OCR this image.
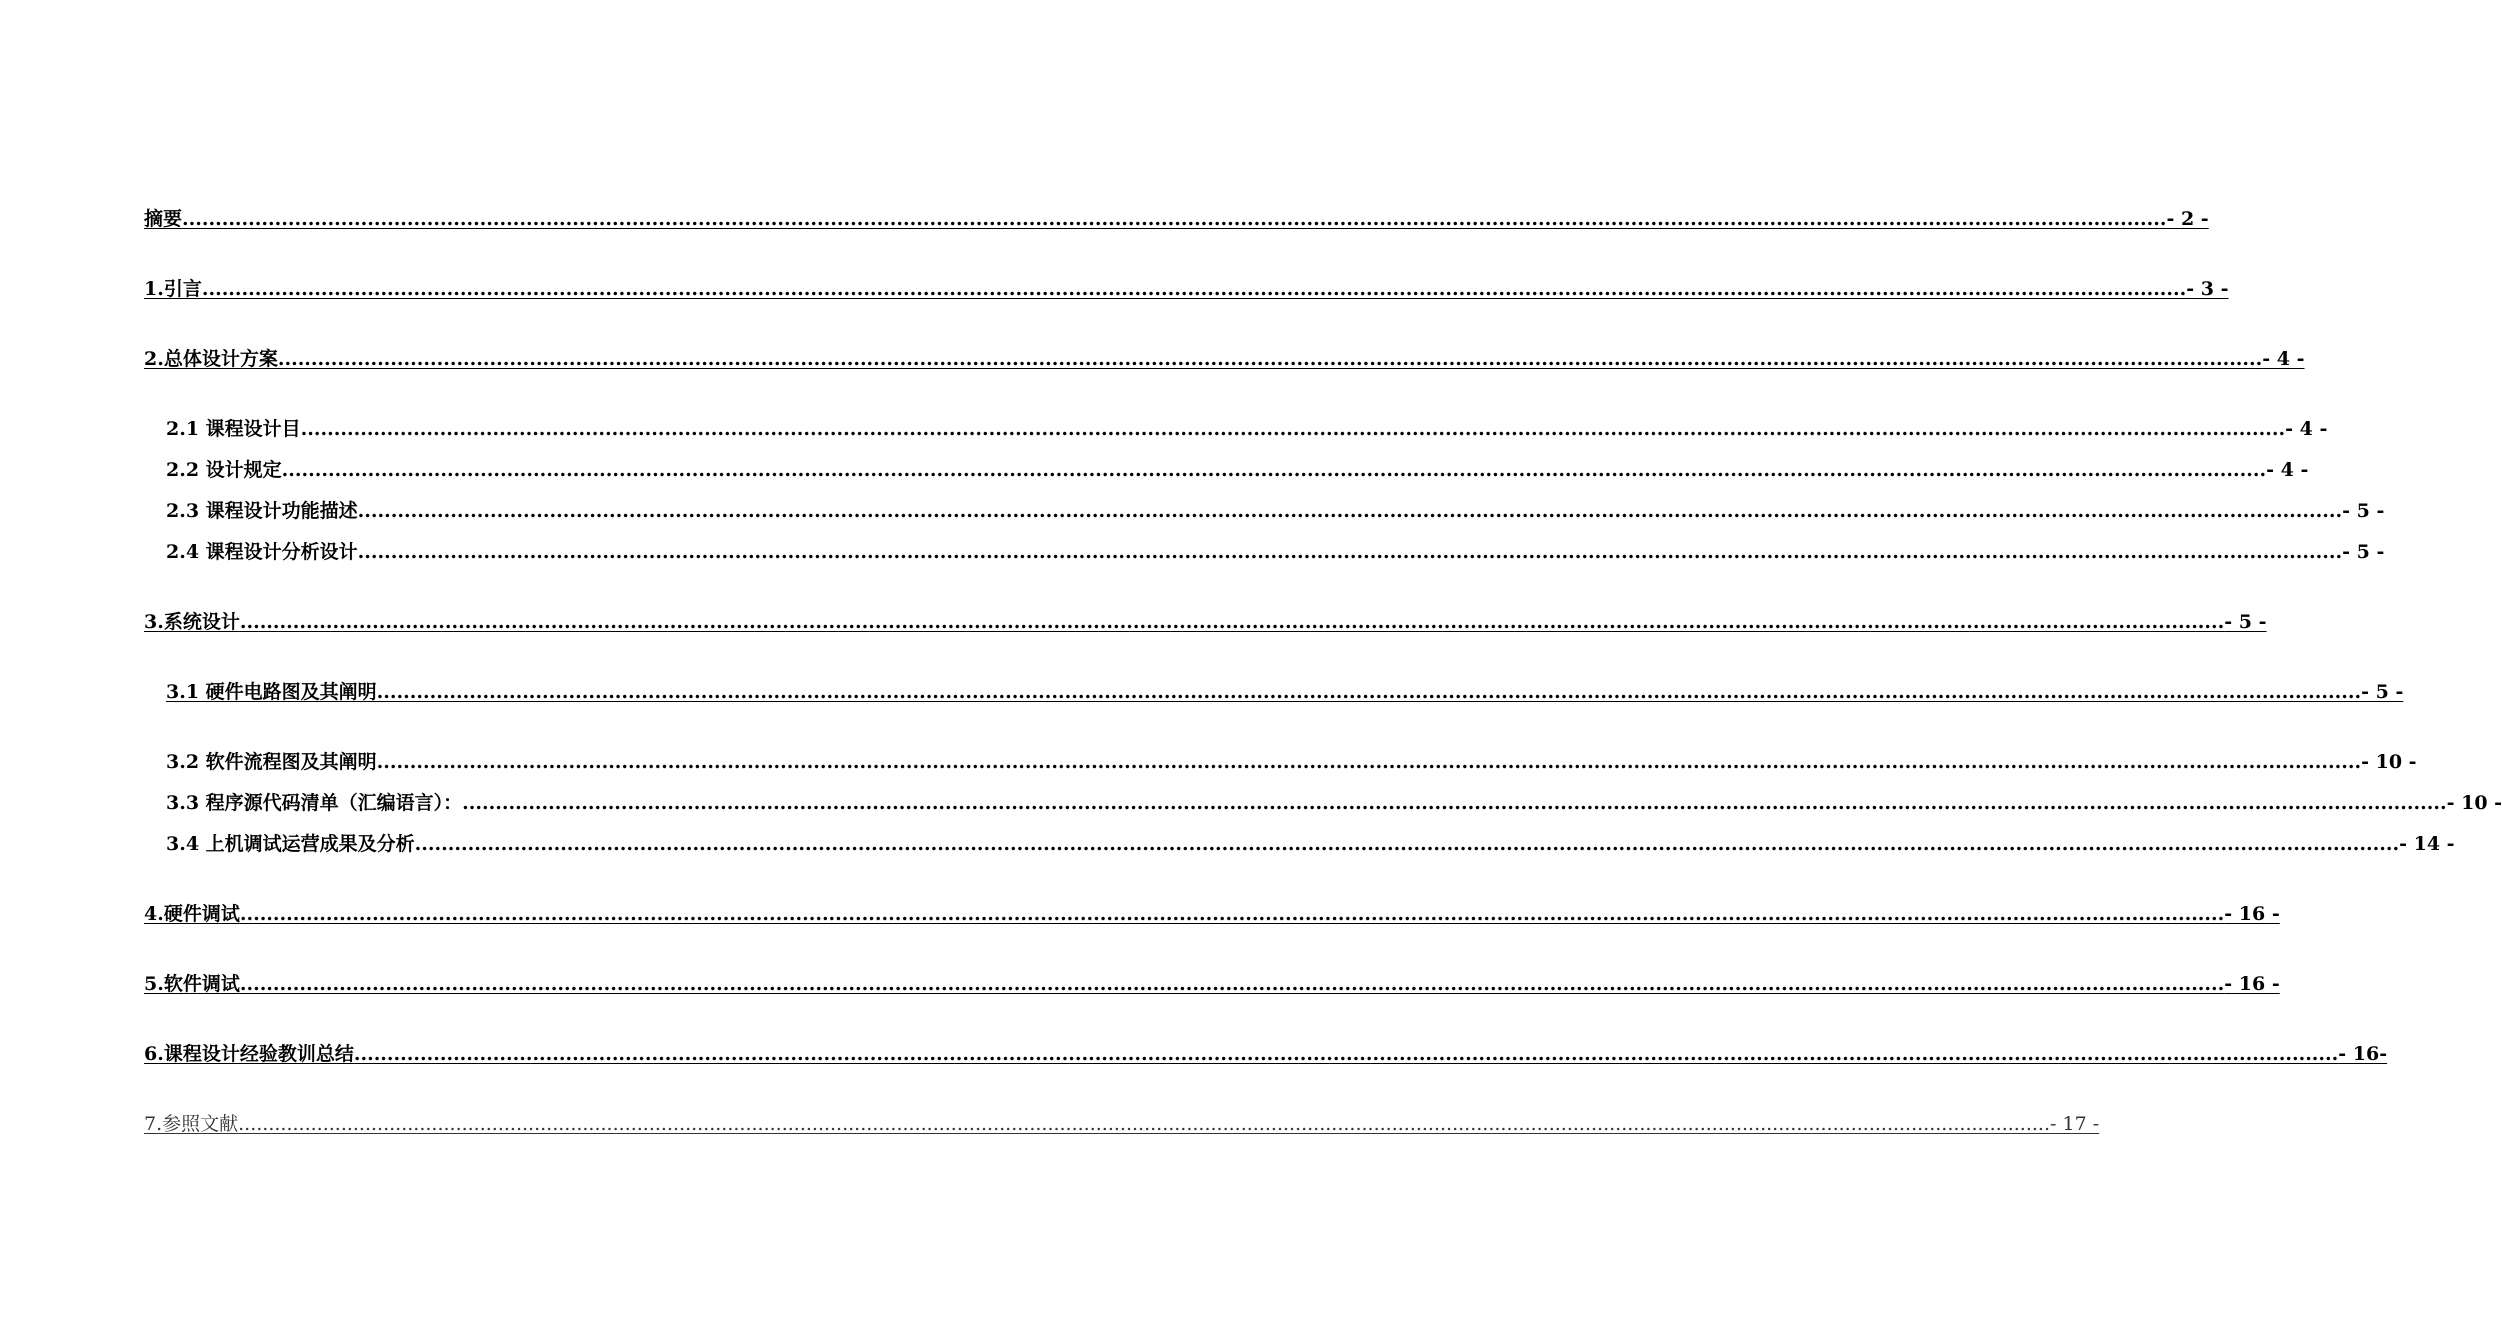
摘要 ............................................................................................................................................................................................................................................................................................................ - 2 -
1.引言 ............................................................................................................................................................................................................................................................................................................ - 3 -
2.总体设计方案 ............................................................................................................................................................................................................................................................................................................ - 4 -
2.1 课程设计目 ............................................................................................................................................................................................................................................................................................................ - 4 -
2.2 设计规定 ............................................................................................................................................................................................................................................................................................................ - 4 -
2.3 课程设计功能描述 ............................................................................................................................................................................................................................................................................................................ - 5 -
2.4 课程设计分析设计 ............................................................................................................................................................................................................................................................................................................ - 5 -
3.系统设计 ............................................................................................................................................................................................................................................................................................................ - 5 -
3.1 硬件电路图及其阐明 ............................................................................................................................................................................................................................................................................................................ - 5 -
3.2 软件流程图及其阐明 ............................................................................................................................................................................................................................................................................................................ - 10 -
3.3 程序源代码清单（汇编语言）： ............................................................................................................................................................................................................................................................................................................ - 10 -
3.4 上机调试运营成果及分析 ............................................................................................................................................................................................................................................................................................................ - 14 -
4.硬件调试 ............................................................................................................................................................................................................................................................................................................ - 16 -
5.软件调试 ............................................................................................................................................................................................................................................................................................................ - 16 -
6.课程设计经验教训总结 ............................................................................................................................................................................................................................................................................................................ - 16-
7.参照文献 ............................................................................................................................................................................................................................................................................................................ - 17 -
